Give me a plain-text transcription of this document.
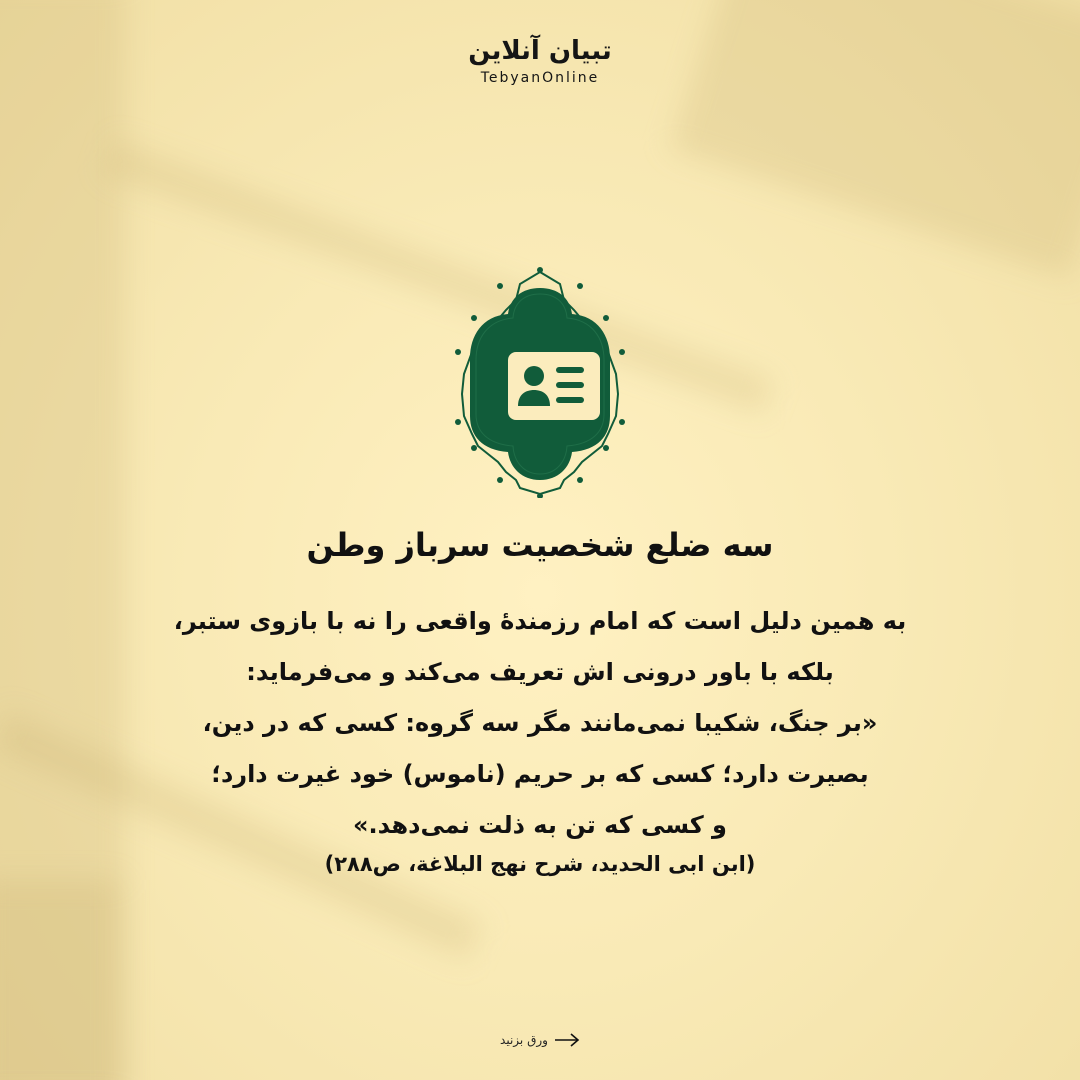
تبیان آنلاین
TebyanOnline
سه ضلع شخصیت سرباز وطن
به همین دلیل است که امام رزمندۀ واقعی را نه با بازوی ستبر،
بلکه با باور درونی اش تعریف می‌کند و می‌فرماید:
«بر جنگ، شکیبا نمی‌مانند مگر سه گروه: کسی که در دین،
بصیرت دارد؛ کسی که بر حریم (ناموس) خود غیرت دارد؛
و کسی که تن به ذلت نمی‌دهد.»
(ابن ابی الحدید، شرح نهج البلاغة، ص۲۸۸)
ورق بزنید
